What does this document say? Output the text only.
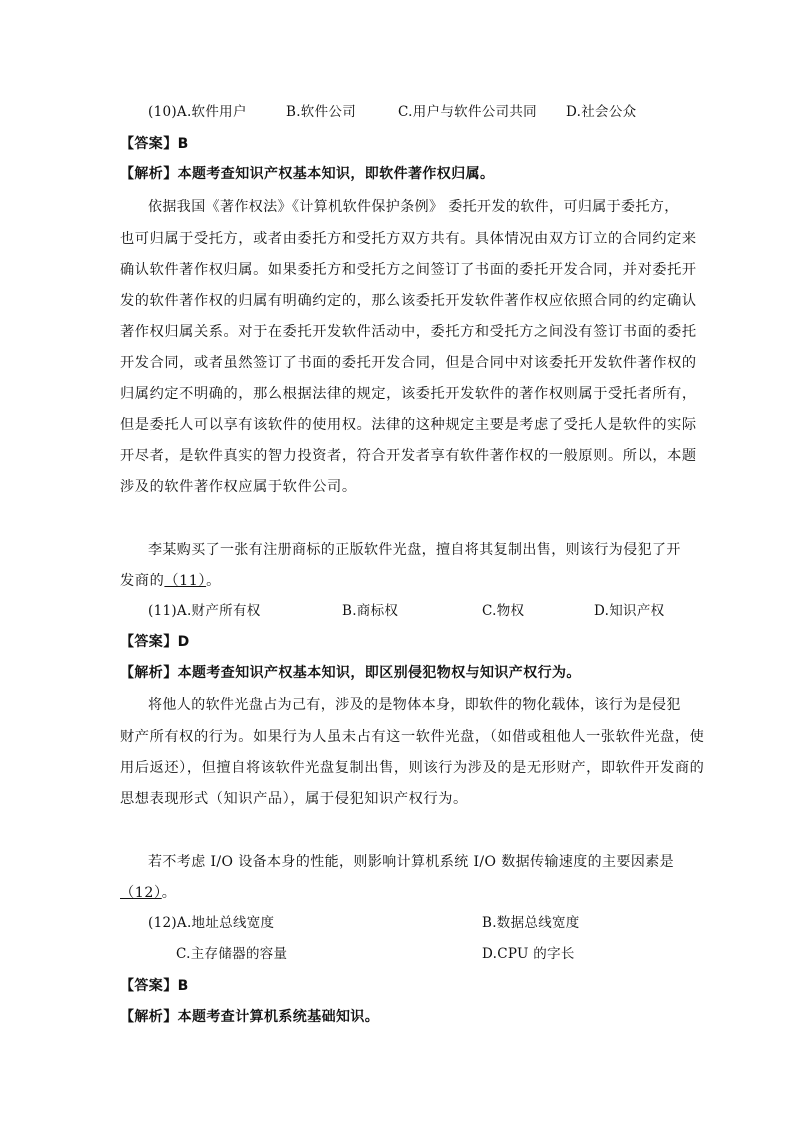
(10)A.软件用户	B.软件公司	C.用户与软件公司共同 D.社会公众
【答案】B
【解析】本题考查知识产权基本知识，即软件著作权归属。
依据我国《著作权法》《计算机软件保护条例》 委托开发的软件，可归属于委托方，
也可归属于受托方，或者由委托方和受托方双方共有。具体情况由双方订立的合同约定来
确认软件著作权归属。如果委托方和受托方之间签订了书面的委托开发合同，并对委托开
发的软件著作权的归属有明确约定的，那么该委托开发软件著作权应依照合同的约定确认
著作权归属关系。对于在委托开发软件活动中，委托方和受托方之间没有签订书面的委托
开发合同，或者虽然签订了书面的委托开发合同，但是合同中对该委托开发软件著作权的
归属约定不明确的，那么根据法律的规定，该委托开发软件的著作权则属于受托者所有，
但是委托人可以享有该软件的使用权。法律的这种规定主要是考虑了受托人是软件的实际
开尽者，是软件真实的智力投资者，符合开发者享有软件著作权的一般原则。所以，本题
涉及的软件著作权应属于软件公司。
李某购买了一张有注册商标的正版软件光盘，擅自将其复制出售，则该行为侵犯了开
发商的（11）。
(11)A.财产所有权	B.商标权	C.物权	D.知识产权
【答案】D
【解析】本题考查知识产权基本知识，即区别侵犯物权与知识产权行为。
将他人的软件光盘占为己有，涉及的是物体本身，即软件的物化载体，该行为是侵犯
财产所有权的行为。如果行为人虽未占有这一软件光盘，（如借或租他人一张软件光盘，使
用后返还），但擅自将该软件光盘复制出售，则该行为涉及的是无形财产，即软件开发商的
思想表现形式（知识产品），属于侵犯知识产权行为。
若不考虑 I/O 设备本身的性能，则影响计算机系统 I/O 数据传输速度的主要因素是
（12）。
(12)A.地址总线宽度	B.数据总线宽度
C.主存储器的容量	D.CPU 的字长
【答案】B
【解析】本题考查计算机系统基础知识。
